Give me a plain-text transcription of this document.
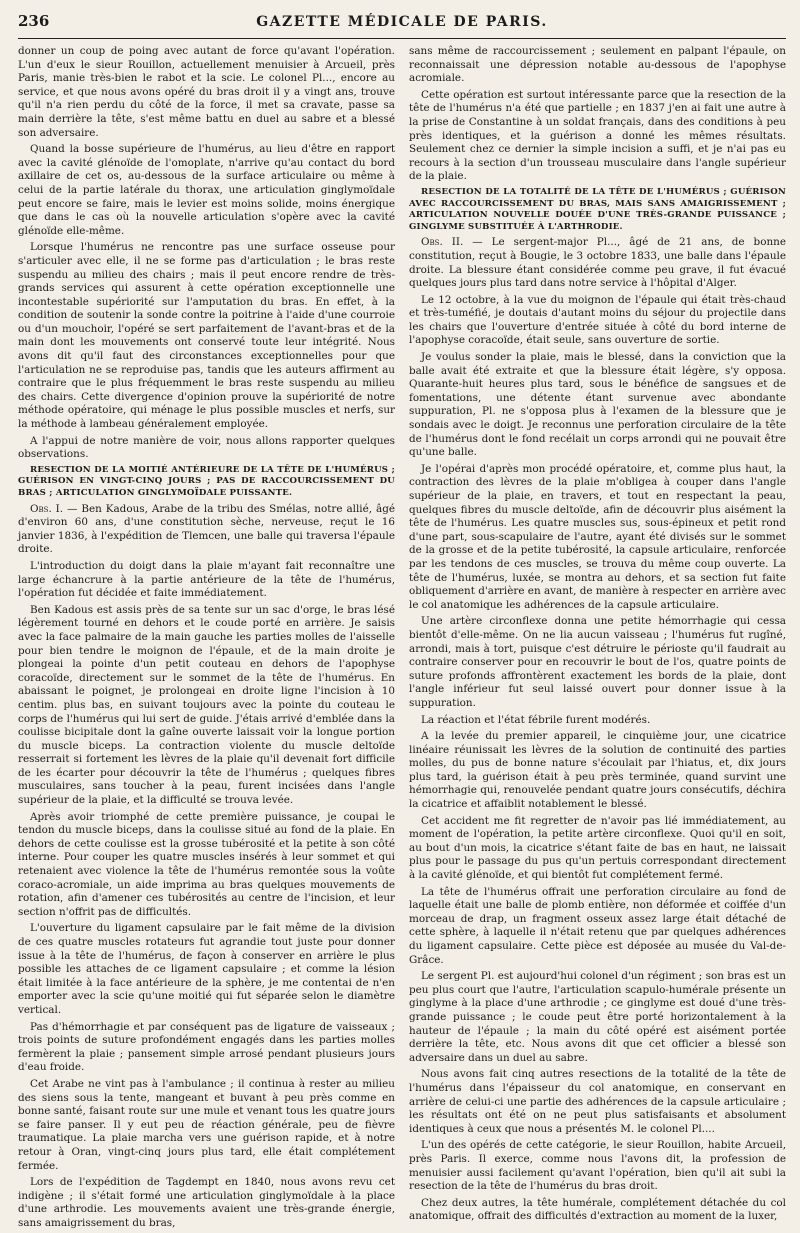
236	GAZETTE MÉDICALE DE PARIS.

donner un coup de poing avec autant de force qu'avant l'opération. L'un d'eux le sieur Rouillon, actuellement menuisier à Arcueil, près Paris, manie très-bien le rabot et la scie. Le colonel Pl..., encore au service, et que nous avons opéré du bras droit il y a vingt ans, trouve qu'il n'a rien perdu du côté de la force, il met sa cravate, passe sa main derrière la tête, s'est même battu en duel au sabre et a blessé son adversaire.

Quand la bosse supérieure de l'humérus, au lieu d'être en rapport avec la cavité glénoïde de l'omoplate, n'arrive qu'au contact du bord axillaire de cet os, au-dessous de la surface articulaire ou même à celui de la partie latérale du thorax, une articulation ginglymoïdale peut encore se faire, mais le levier est moins solide, moins énergique que dans le cas où la nouvelle articulation s'opère avec la cavité glénoïde elle-même.

Lorsque l'humérus ne rencontre pas une surface osseuse pour s'articuler avec elle, il ne se forme pas d'articulation ; le bras reste suspendu au milieu des chairs ; mais il peut encore rendre de très-grands services qui assurent à cette opération exceptionnelle une incontestable supériorité sur l'amputation du bras. En effet, à la condition de soutenir la sonde contre la poitrine à l'aide d'une courroie ou d'un mouchoir, l'opéré se sert parfaitement de l'avant-bras et de la main dont les mouvements ont conservé toute leur intégrité. Nous avons dit qu'il faut des circonstances exceptionnelles pour que l'articulation ne se reproduise pas, tandis que les auteurs affirment au contraire que le plus fréquemment le bras reste suspendu au milieu des chairs. Cette divergence d'opinion prouve la supériorité de notre méthode opératoire, qui ménage le plus possible muscles et nerfs, sur la méthode à lambeau généralement employée.

A l'appui de notre manière de voir, nous allons rapporter quelques observations.

RESECTION DE LA MOITIÉ ANTÉRIEURE DE LA TÊTE DE L'HUMÉRUS ; GUÉRISON EN VINGT-CINQ JOURS ; PAS DE RACCOURCISSEMENT DU BRAS ; ARTICULATION GINGLYMOÏDALE PUISSANTE.

Obs. I. — Ben Kadous, Arabe de la tribu des Smélas, notre allié, âgé d'environ 60 ans, d'une constitution sèche, nerveuse, reçut le 16 janvier 1836, à l'expédition de Tlemcen, une balle qui traversa l'épaule droite.

L'introduction du doigt dans la plaie m'ayant fait reconnaître une large échancrure à la partie antérieure de la tête de l'humérus, l'opération fut décidée et faite immédiatement.

Ben Kadous est assis près de sa tente sur un sac d'orge, le bras lésé légèrement tourné en dehors et le coude porté en arrière. Je saisis avec la face palmaire de la main gauche les parties molles de l'aisselle pour bien tendre le moignon de l'épaule, et de la main droite je plongeai la pointe d'un petit couteau en dehors de l'apophyse coracoïde, directement sur le sommet de la tête de l'humérus. En abaissant le poignet, je prolongeai en droite ligne l'incision à 10 centim. plus bas, en suivant toujours avec la pointe du couteau le corps de l'humérus qui lui sert de guide. J'étais arrivé d'emblée dans la coulisse bicipitale dont la gaîne ouverte laissait voir la longue portion du muscle biceps. La contraction violente du muscle deltoïde resserrait si fortement les lèvres de la plaie qu'il devenait fort difficile de les écarter pour découvrir la tête de l'humérus ; quelques fibres musculaires, sans toucher à la peau, furent incisées dans l'angle supérieur de la plaie, et la difficulté se trouva levée.

Après avoir triomphé de cette première puissance, je coupai le tendon du muscle biceps, dans la coulisse situé au fond de la plaie. En dehors de cette coulisse est la grosse tubérosité et la petite à son côté interne. Pour couper les quatre muscles insérés à leur sommet et qui retenaient avec violence la tête de l'humérus remontée sous la voûte coraco-acromiale, un aide imprima au bras quelques mouvements de rotation, afin d'amener ces tubérosités au centre de l'incision, et leur section n'offrit pas de difficultés.

L'ouverture du ligament capsulaire par le fait même de la division de ces quatre muscles rotateurs fut agrandie tout juste pour donner issue à la tête de l'humérus, de façon à conserver en arrière le plus possible les attaches de ce ligament capsulaire ; et comme la lésion était limitée à la face antérieure de la sphère, je me contentai de n'en emporter avec la scie qu'une moitié qui fut séparée selon le diamètre vertical.

Pas d'hémorrhagie et par conséquent pas de ligature de vaisseaux ; trois points de suture profondément engagés dans les parties molles fermèrent la plaie ; pansement simple arrosé pendant plusieurs jours d'eau froide.

Cet Arabe ne vint pas à l'ambulance ; il continua à rester au milieu des siens sous la tente, mangeant et buvant à peu près comme en bonne santé, faisant route sur une mule et venant tous les quatre jours se faire panser. Il y eut peu de réaction générale, peu de fièvre traumatique. La plaie marcha vers une guérison rapide, et à notre retour à Oran, vingt-cinq jours plus tard, elle était complétement fermée.

Lors de l'expédition de Tagdempt en 1840, nous avons revu cet indigène ; il s'était formé une articulation ginglymoïdale à la place d'une arthrodie. Les mouvements avaient une très-grande énergie, sans amaigrissement du bras,

sans même de raccourcissement ; seulement en palpant l'épaule, on reconnaissait une dépression notable au-dessous de l'apophyse acromiale.

Cette opération est surtout intéressante parce que la resection de la tête de l'humérus n'a été que partielle ; en 1837 j'en ai fait une autre à la prise de Constantine à un soldat français, dans des conditions à peu près identiques, et la guérison a donné les mêmes résultats. Seulement chez ce dernier la simple incision a suffi, et je n'ai pas eu recours à la section d'un trousseau musculaire dans l'angle supérieur de la plaie.

RESECTION DE LA TOTALITÉ DE LA TÊTE DE L'HUMÉRUS ; GUÉRISON AVEC RACCOURCISSEMENT DU BRAS, MAIS SANS AMAIGRISSEMENT ; ARTICULATION NOUVELLE DOUÉE D'UNE TRÈS-GRANDE PUISSANCE ; GINGLYME SUBSTITUÉE À L'ARTHRODIE.

Obs. II. — Le sergent-major Pl..., âgé de 21 ans, de bonne constitution, reçut à Bougie, le 3 octobre 1833, une balle dans l'épaule droite. La blessure étant considérée comme peu grave, il fut évacué quelques jours plus tard dans notre service à l'hôpital d'Alger.

Le 12 octobre, à la vue du moignon de l'épaule qui était très-chaud et très-tuméfié, je doutais d'autant moins du séjour du projectile dans les chairs que l'ouverture d'entrée située à côté du bord interne de l'apophyse coracoïde, était seule, sans ouverture de sortie.

Je voulus sonder la plaie, mais le blessé, dans la conviction que la balle avait été extraite et que la blessure était légère, s'y opposa. Quarante-huit heures plus tard, sous le bénéfice de sangsues et de fomentations, une détente étant survenue avec abondante suppuration, Pl. ne s'opposa plus à l'examen de la blessure que je sondais avec le doigt. Je reconnus une perforation circulaire de la tête de l'humérus dont le fond recélait un corps arrondi qui ne pouvait être qu'une balle.

Je l'opérai d'après mon procédé opératoire, et, comme plus haut, la contraction des lèvres de la plaie m'obligea à couper dans l'angle supérieur de la plaie, en travers, et tout en respectant la peau, quelques fibres du muscle deltoïde, afin de découvrir plus aisément la tête de l'humérus. Les quatre muscles sus, sous-épineux et petit rond d'une part, sous-scapulaire de l'autre, ayant été divisés sur le sommet de la grosse et de la petite tubérosité, la capsule articulaire, renforcée par les tendons de ces muscles, se trouva du même coup ouverte. La tête de l'humérus, luxée, se montra au dehors, et sa section fut faite obliquement d'arrière en avant, de manière à respecter en arrière avec le col anatomique les adhérences de la capsule articulaire.

Une artère circonflexe donna une petite hémorrhagie qui cessa bientôt d'elle-même. On ne lia aucun vaisseau ; l'humérus fut rugîné, arrondi, mais à tort, puisque c'est détruire le périoste qu'il faudrait au contraire conserver pour en recouvrir le bout de l'os, quatre points de suture profonds affrontèrent exactement les bords de la plaie, dont l'angle inférieur fut seul laissé ouvert pour donner issue à la suppuration.

La réaction et l'état fébrile furent modérés.

A la levée du premier appareil, le cinquième jour, une cicatrice linéaire réunissait les lèvres de la solution de continuité des parties molles, du pus de bonne nature s'écoulait par l'hiatus, et, dix jours plus tard, la guérison était à peu près terminée, quand survint une hémorrhagie qui, renouvelée pendant quatre jours consécutifs, déchira la cicatrice et affaiblit notablement le blessé.

Cet accident me fit regretter de n'avoir pas lié immédiatement, au moment de l'opération, la petite artère circonflexe. Quoi qu'il en soit, au bout d'un mois, la cicatrice s'étant faite de bas en haut, ne laissait plus pour le passage du pus qu'un pertuis correspondant directement à la cavité glénoïde, et qui bientôt fut complétement fermé.

La tête de l'humérus offrait une perforation circulaire au fond de laquelle était une balle de plomb entière, non déformée et coiffée d'un morceau de drap, un fragment osseux assez large était détaché de cette sphère, à laquelle il n'était retenu que par quelques adhérences du ligament capsulaire. Cette pièce est déposée au musée du Val-de-Grâce.

Le sergent Pl. est aujourd'hui colonel d'un régiment ; son bras est un peu plus court que l'autre, l'articulation scapulo-humérale présente un ginglyme à la place d'une arthrodie ; ce ginglyme est doué d'une très-grande puissance ; le coude peut être porté horizontalement à la hauteur de l'épaule ; la main du côté opéré est aisément portée derrière la tête, etc. Nous avons dit que cet officier a blessé son adversaire dans un duel au sabre.

Nous avons fait cinq autres resections de la totalité de la tête de l'humérus dans l'épaisseur du col anatomique, en conservant en arrière de celui-ci une partie des adhérences de la capsule articulaire ; les résultats ont été on ne peut plus satisfaisants et absolument identiques à ceux que nous a présentés M. le colonel Pl....

L'un des opérés de cette catégorie, le sieur Rouillon, habite Arcueil, près Paris. Il exerce, comme nous l'avons dit, la profession de menuisier aussi facilement qu'avant l'opération, bien qu'il ait subi la resection de la tête de l'humérus du bras droit.

Chez deux autres, la tête humérale, complétement détachée du col anatomique, offrait des difficultés d'extraction au moment de la luxer,
